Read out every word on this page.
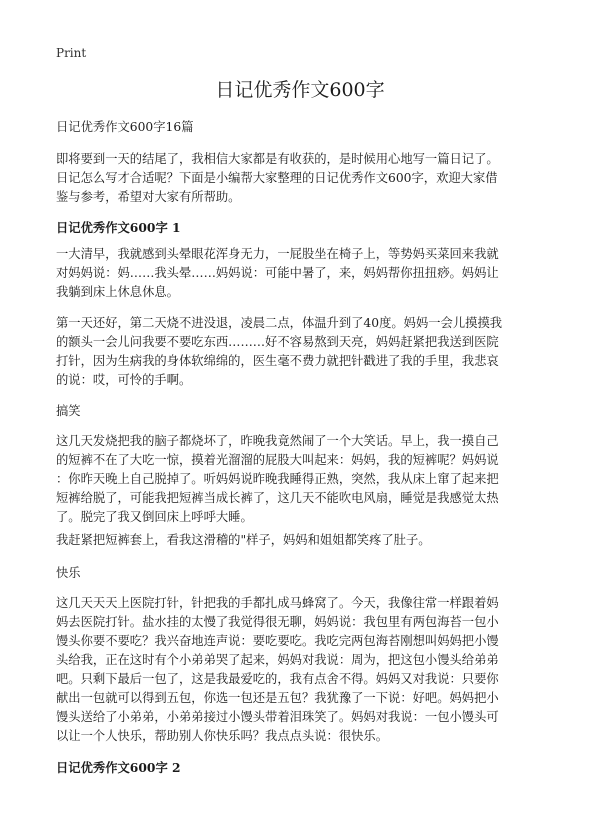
Print
日记优秀作文600字
日记优秀作文600字16篇
即将要到一天的结尾了，我相信大家都是有收获的，是时候用心地写一篇日记了。
日记怎么写才合适呢？下面是小编帮大家整理的日记优秀作文600字，欢迎大家借
鉴与参考，希望对大家有所帮助。
日记优秀作文600字 1
一大清早，我就感到头晕眼花浑身无力，一屁股坐在椅子上，等势妈买菜回来我就
对妈妈说：妈……我头晕……妈妈说：可能中暑了，来，妈妈帮你扭扭痧。妈妈让
我躺到床上休息休息。
第一天还好，第二天烧不进没退，凌晨二点，体温升到了40度。妈妈一会儿摸摸我
的额头一会儿问我要不要吃东西………好不容易熬到天亮，妈妈赶紧把我送到医院
打针，因为生病我的身体软绵绵的，医生毫不费力就把针戳进了我的手里，我悲哀
的说：哎，可怜的手啊。
搞笑
这几天发烧把我的脑子都烧坏了，昨晚我竟然闹了一个大笑话。早上，我一摸自己
的短裤不在了大吃一惊，摸着光溜溜的屁股大叫起来：妈妈，我的短裤呢？妈妈说
：你昨天晚上自己脱掉了。听妈妈说昨晚我睡得正熟，突然，我从床上窜了起来把
短裤给脱了，可能我把短裤当成长裤了，这几天不能吹电风扇，睡觉是我感觉太热
了。脱完了我又倒回床上呼呼大睡。
我赶紧把短裤套上，看我这滑稽的"样子，妈妈和姐姐都笑疼了肚子。
快乐
这几天天天上医院打针，针把我的手都扎成马蜂窝了。今天，我像往常一样跟着妈
妈去医院打针。盐水挂的太慢了我觉得很无聊，妈妈说：我包里有两包海苔一包小
馒头你要不要吃？我兴奋地连声说：要吃要吃。我吃完两包海苔刚想叫妈妈把小馒
头给我，正在这时有个小弟弟哭了起来，妈妈对我说：周为，把这包小馒头给弟弟
吧。只剩下最后一包了，这是我最爱吃的，我有点舍不得。妈妈又对我说：只要你
献出一包就可以得到五包，你选一包还是五包？我犹豫了一下说：好吧。妈妈把小
馒头送给了小弟弟，小弟弟接过小馒头带着泪珠笑了。妈妈对我说：一包小馒头可
以让一个人快乐，帮助别人你快乐吗？我点点头说：很快乐。
日记优秀作文600字 2
